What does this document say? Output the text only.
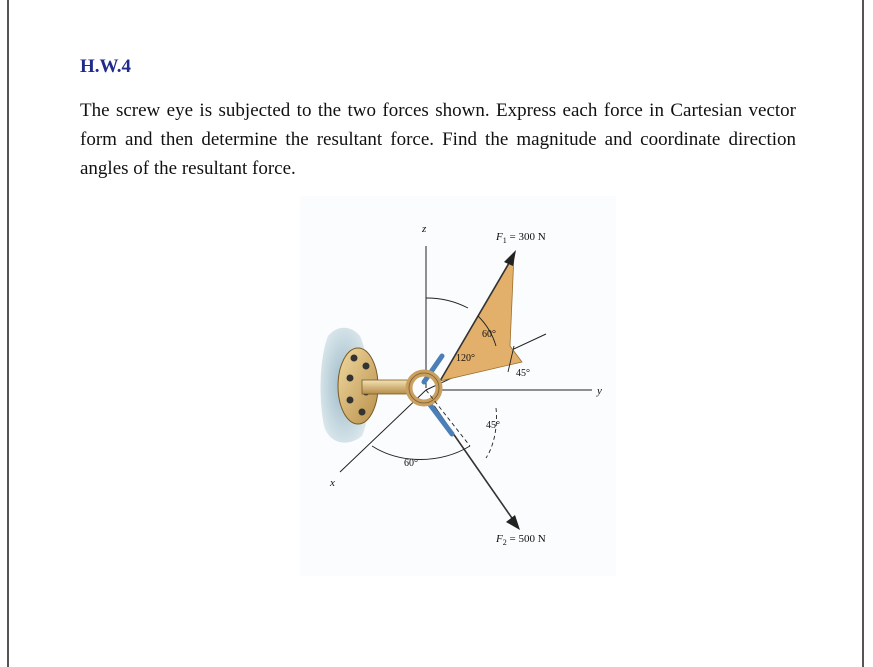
H.W.4
The screw eye is subjected to the two forces shown. Express each force in Cartesian vector form and then determine the resultant force. Find the magnitude and coordinate direction angles of the resultant force.
z
y
x
$F_1 = 300$ N
$F_2 = 500$ N
60°
120°
45°
45°
60°
